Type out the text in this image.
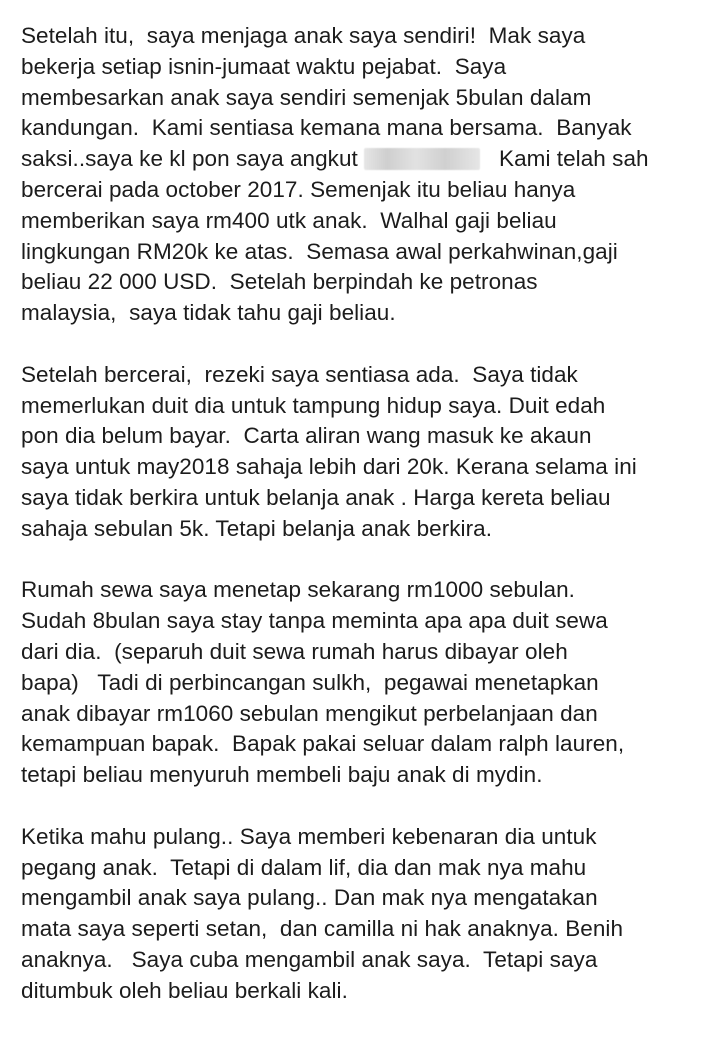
Setelah itu,  saya menjaga anak saya sendiri!  Mak saya
bekerja setiap isnin-jumaat waktu pejabat.  Saya
membesarkan anak saya sendiri semenjak 5bulan dalam
kandungan.  Kami sentiasa kemana mana bersama.  Banyak
saksi..saya ke kl pon saya angkut	Kami telah sah
bercerai pada october 2017. Semenjak itu beliau hanya
memberikan saya rm400 utk anak.  Walhal gaji beliau
lingkungan RM20k ke atas.  Semasa awal perkahwinan,gaji
beliau 22 000 USD.  Setelah berpindah ke petronas
malaysia,  saya tidak tahu gaji beliau.
Setelah bercerai,  rezeki saya sentiasa ada.  Saya tidak
memerlukan duit dia untuk tampung hidup saya. Duit edah
pon dia belum bayar.  Carta aliran wang masuk ke akaun
saya untuk may2018 sahaja lebih dari 20k. Kerana selama ini
saya tidak berkira untuk belanja anak . Harga kereta beliau
sahaja sebulan 5k. Tetapi belanja anak berkira.
Rumah sewa saya menetap sekarang rm1000 sebulan.
Sudah 8bulan saya stay tanpa meminta apa apa duit sewa
dari dia.  (separuh duit sewa rumah harus dibayar oleh
bapa)   Tadi di perbincangan sulkh,  pegawai menetapkan
anak dibayar rm1060 sebulan mengikut perbelanjaan dan
kemampuan bapak.  Bapak pakai seluar dalam ralph lauren,
tetapi beliau menyuruh membeli baju anak di mydin.
Ketika mahu pulang.. Saya memberi kebenaran dia untuk
pegang anak.  Tetapi di dalam lif, dia dan mak nya mahu
mengambil anak saya pulang.. Dan mak nya mengatakan
mata saya seperti setan,  dan camilla ni hak anaknya. Benih
anaknya.   Saya cuba mengambil anak saya.  Tetapi saya
ditumbuk oleh beliau berkali kali.
